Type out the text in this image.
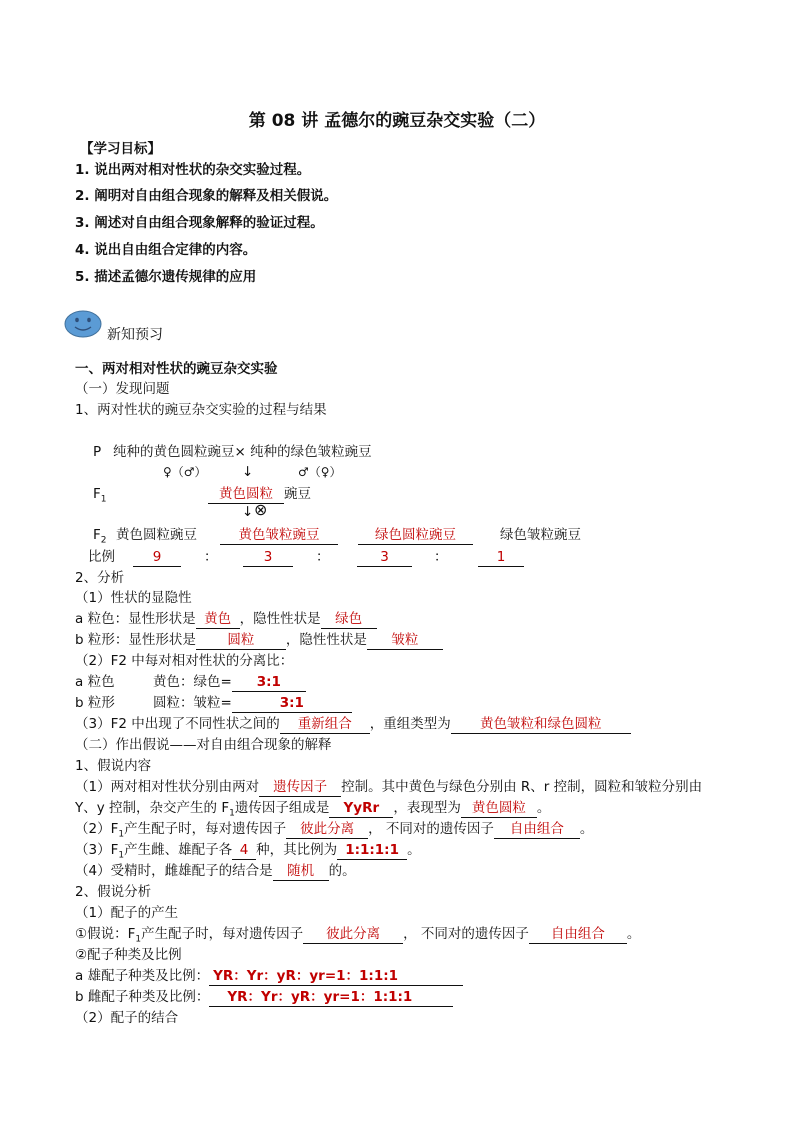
第 08 讲 孟德尔的豌豆杂交实验（二）
【学习目标】
1. 说出两对相对性状的杂交实验过程。
2. 阐明对自由组合现象的解释及相关假说。
3. 阐述对自由组合现象解释的验证过程。
4. 说出自由组合定律的内容。
5. 描述孟德尔遗传规律的应用
新知预习
一、两对相对性状的豌豆杂交实验
（一）发现问题
1、两对性状的豌豆杂交实验的过程与结果
P 纯种的黄色圆粒豌豆× 纯种的绿色皱粒豌豆
♀（♂）	↓	♂（♀）
$F_1$	黄色圆粒 豌豆
↓ ⊗
$F_2$ 黄色圆粒豌豆	黄色皱粒豌豆	绿色圆粒豌豆	绿色皱粒豌豆
比例	9	：	3	：	3	：	1
2、分析
（1）性状的显隐性
a 粒色：显性形状是 黄色 ，隐性性状是 绿色
b 粒形：显性形状是 圆粒 ，隐性性状是 皱粒
（2）F2 中每对相对性状的分离比：
a 粒色	黄色：绿色= 3:1
b 粒形	圆粒：皱粒=	3:1
（3）F2 中出现了不同性状之间的 重新组合 ，重组类型为 黄色皱粒和绿色圆粒
（二）作出假说——对自由组合现象的解释
1、假说内容
（1）两对相对性状分别由两对 遗传因子 控制。其中黄色与绿色分别由 R、r 控制，圆粒和皱粒分别由
Y、y 控制，杂交产生的 $F_1$遗传因子组成是 YyRr ，表现型为 黄色圆粒 。
$(2)F_1$产生配子时，每对遗传因子 彼此分离 ， 不同对的遗传因子 自由组合 。
$(3)F_1$产生雌、雄配子各 4 种，其比例为 1:1:1:1 。
（4）受精时，雌雄配子的结合是 随机 的。
2、假说分析
（1）配子的产生
①假说：$F_1$产生配子时，每对遗传因子 彼此分离 ， 不同对的遗传因子 自由组合 。
②配子种类及比例
a 雄配子种类及比例： YR：Yr：yR：yr=1：1:1:1
b 雌配子种类及比例： YR：Yr：yR：yr=1：1:1:1
（2）配子的结合
